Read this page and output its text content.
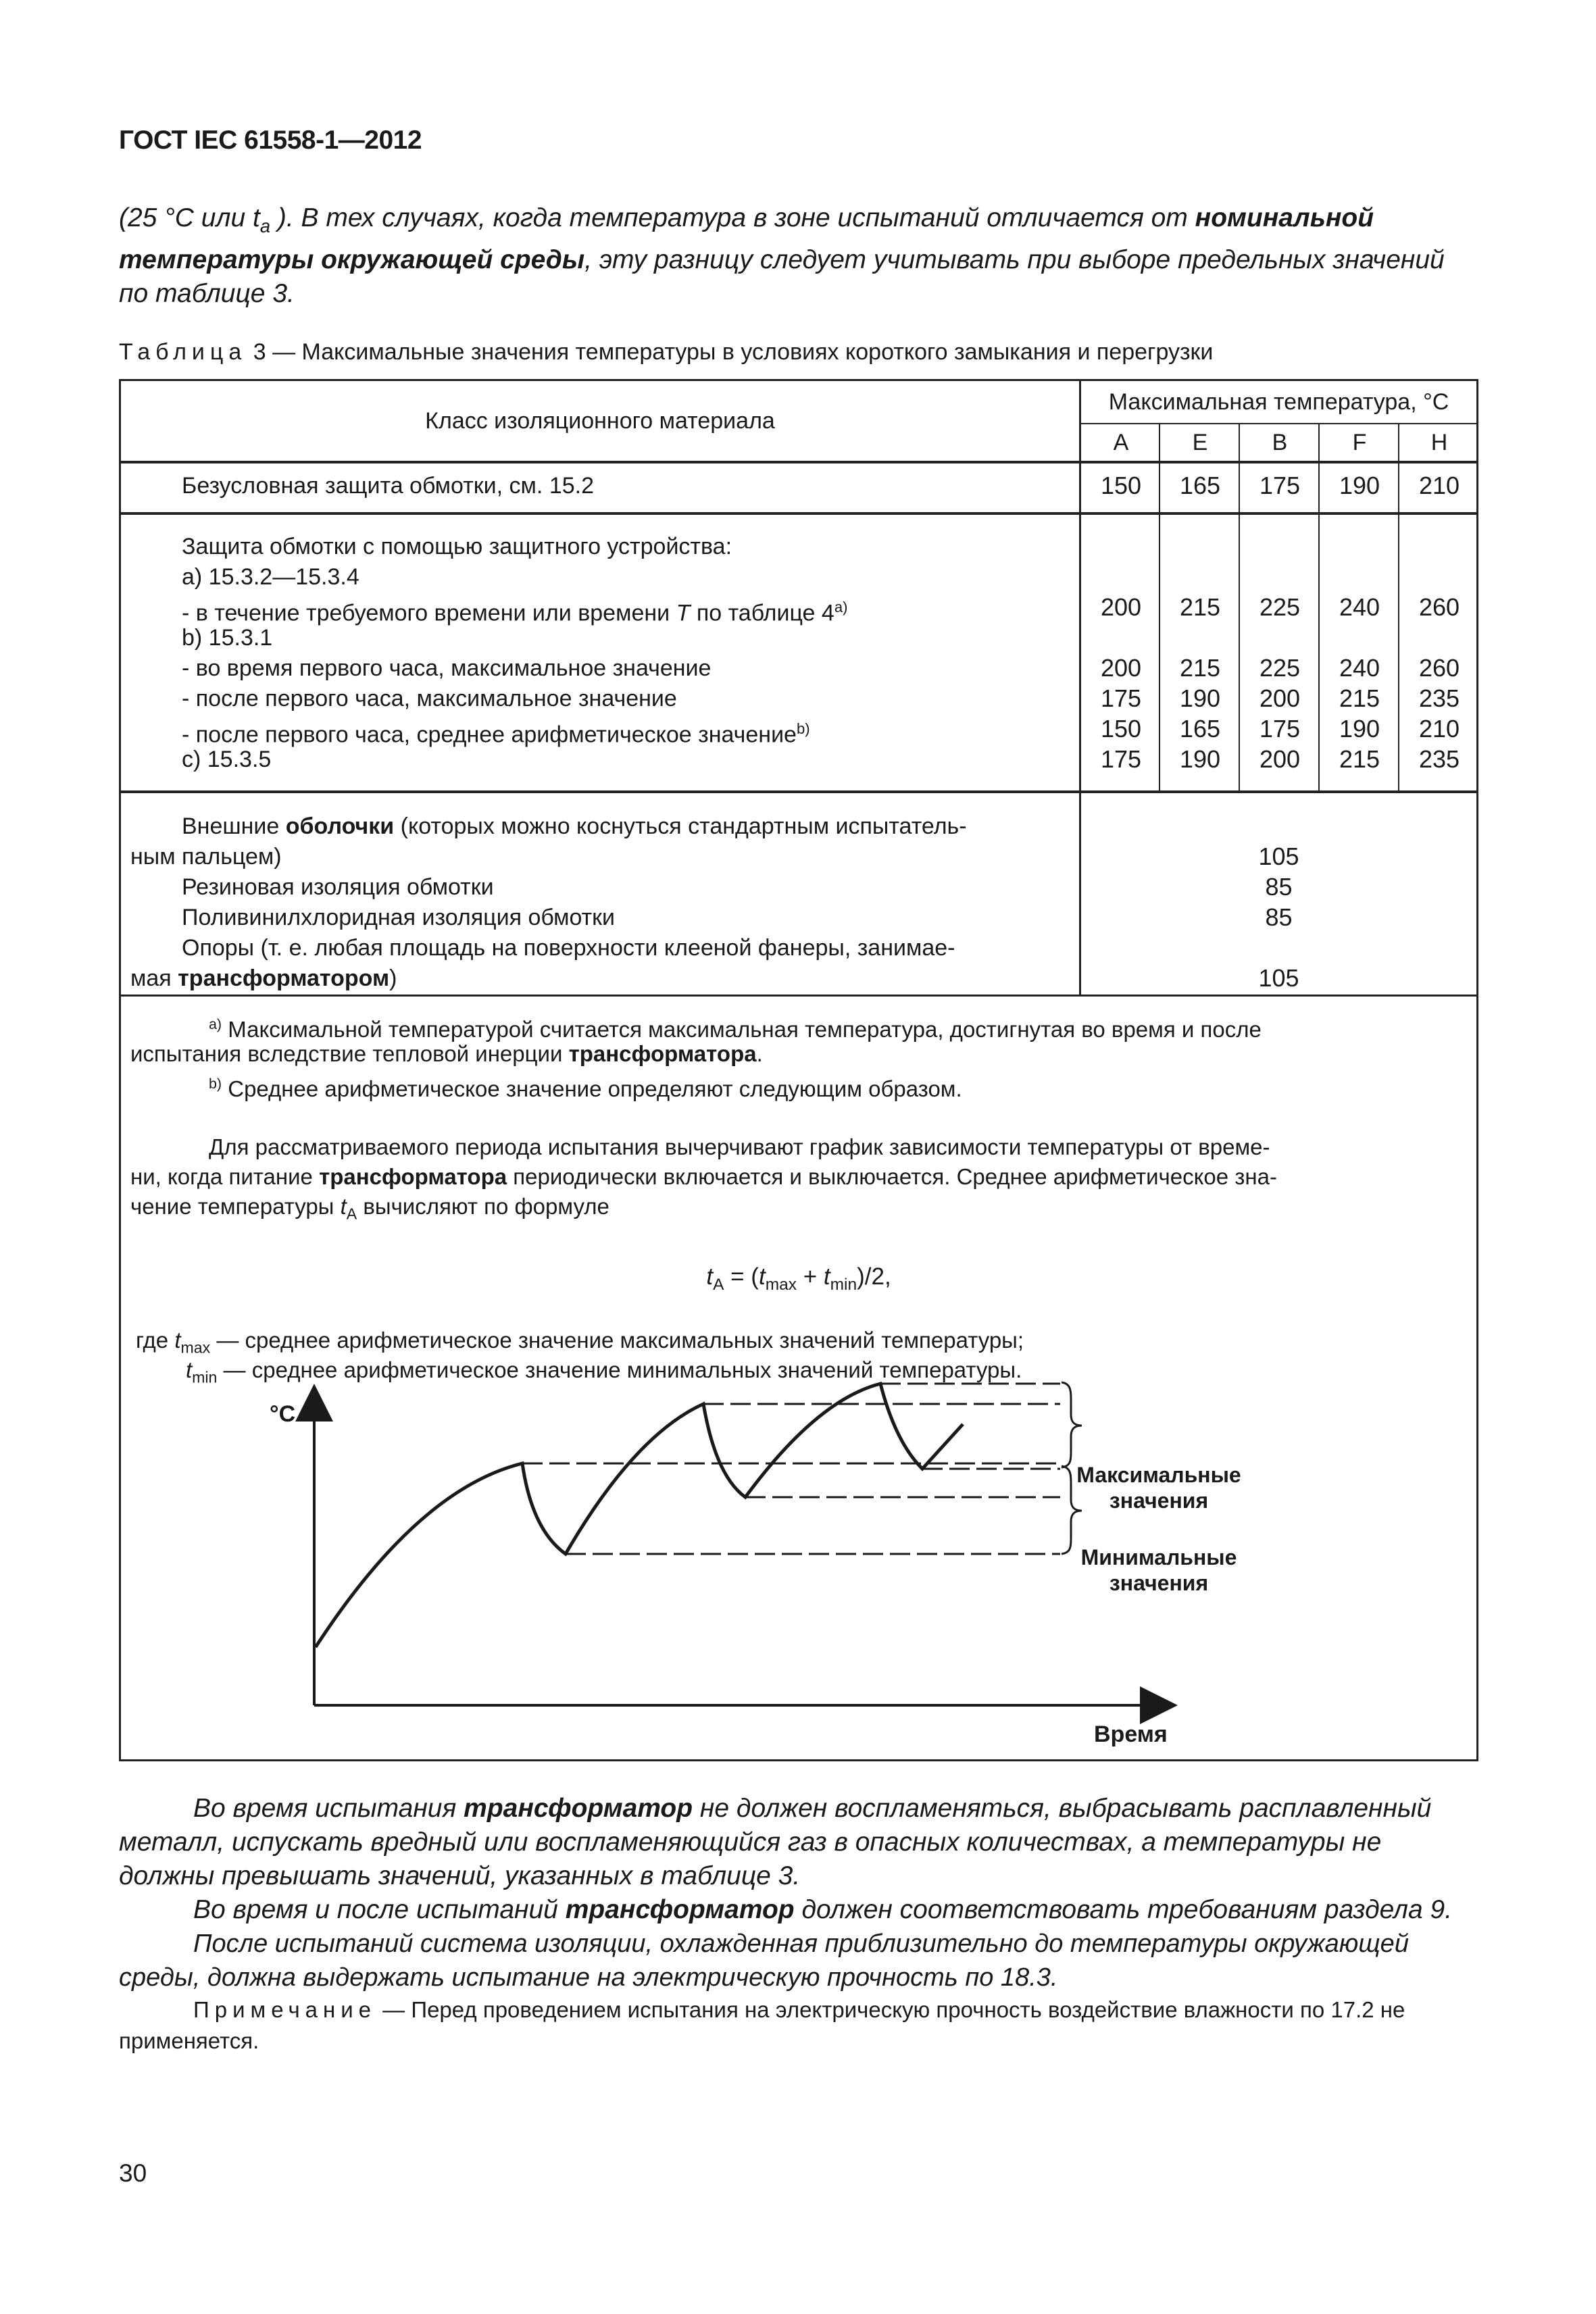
ГОСТ IEC 61558-1—2012
(25 °С или $t_a$ ). В тех случаях, когда температура в зоне испытаний отличается от номинальной температуры окружающей среды, эту разницу следует учитывать при выборе предельных значений по таблице 3.
Таблица 3 — Максимальные значения температуры в условиях короткого замыкания и перегрузки
Класс изоляционного материала
Максимальная температура, °С
A	E	B	F	H
Безусловная защита обмотки, см. 15.2	150	165	175	190	210
Защита обмотки с помощью защитного устройства:
a) 15.3.2—15.3.4
- в течение требуемого времени или времени T по таблице 4$^{a)}$	200	215	225	240	260
b) 15.3.1
- во время первого часа, максимальное значение	200	215	225	240	260
- после первого часа, максимальное значение	175	190	200	215	235
- после первого часа, среднее арифметическое значение$^{b)}$	150	165	175	190	210
c) 15.3.5	175	190	200	215	235
Внешние оболочки (которых можно коснуться стандартным испытатель-
ным пальцем)	105
Резиновая изоляция обмотки	85
Поливинилхлоридная изоляция обмотки	85
Опоры (т. е. любая площадь на поверхности клееной фанеры, занимае-
мая трансформатором)	105
$^{a)}$ Максимальной температурой считается максимальная температура, достигнутая во время и после
испытания вследствие тепловой инерции трансформатора.
$^{b)}$ Среднее арифметическое значение определяют следующим образом.
Для рассматриваемого периода испытания вычерчивают график зависимости температуры от време-
ни, когда питание трансформатора периодически включается и выключается. Среднее арифметическое зна-
чение температуры $t_A$ вычисляют по формуле
$t_A = (t_{max} + t_{min})/2$,
где $t_{max}$ — среднее арифметическое значение максимальных значений температуры;
$t_{min}$ — среднее арифметическое значение минимальных значений температуры.
°С
Время
Максимальные
значения
Минимальные
значения
Во время испытания трансформатор не должен воспламеняться, выбрасывать расплавленный металл, испускать вредный или воспламеняющийся газ в опасных количествах, а температуры не должны превышать значений, указанных в таблице 3.
Во время и после испытаний трансформатор должен соответствовать требованиям раздела 9.
После испытаний система изоляции, охлажденная приблизительно до температуры окружающей среды, должна выдержать испытание на электрическую прочность по 18.3.
Примечание — Перед проведением испытания на электрическую прочность воздействие влажности по 17.2 не применяется.
30
